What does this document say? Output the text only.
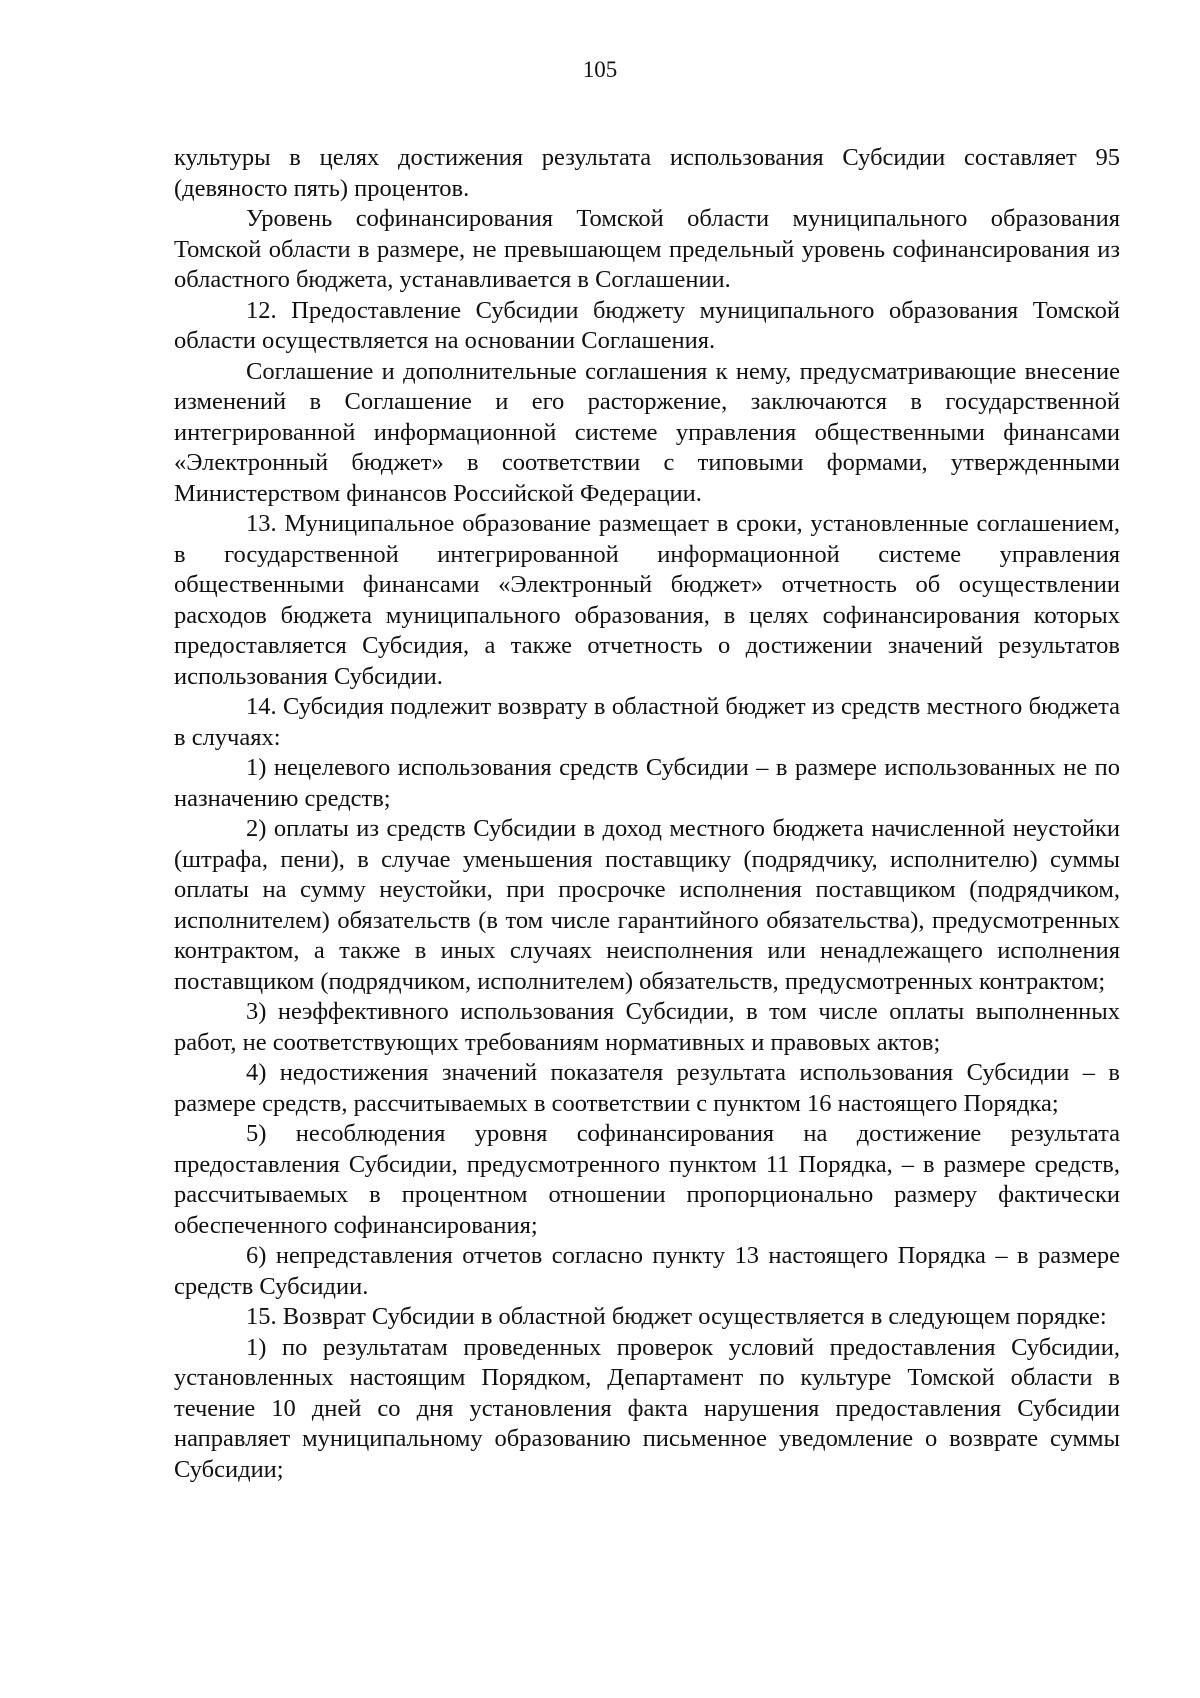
105

культуры в целях достижения результата использования Субсидии составляет 95 (девяносто пять) процентов.

Уровень софинансирования Томской области муниципального образования Томской области в размере, не превышающем предельный уровень софинансирования из областного бюджета, устанавливается в Соглашении.

12. Предоставление Субсидии бюджету муниципального образования Томской области осуществляется на основании Соглашения.

Соглашение и дополнительные соглашения к нему, предусматривающие внесение изменений в Соглашение и его расторжение, заключаются в государственной интегрированной информационной системе управления общественными финансами «Электронный бюджет» в соответствии с типовыми формами, утвержденными Министерством финансов Российской Федерации.

13. Муниципальное образование размещает в сроки, установленные соглашением, в государственной интегрированной информационной системе управления общественными финансами «Электронный бюджет» отчетность об осуществлении расходов бюджета муниципального образования, в целях софинансирования которых предоставляется Субсидия, а также отчетность о достижении значений результатов использования Субсидии.

14. Субсидия подлежит возврату в областной бюджет из средств местного бюджета в случаях:

1) нецелевого использования средств Субсидии – в размере использованных не по назначению средств;

2) оплаты из средств Субсидии в доход местного бюджета начисленной неустойки (штрафа, пени), в случае уменьшения поставщику (подрядчику, исполнителю) суммы оплаты на сумму неустойки, при просрочке исполнения поставщиком (подрядчиком, исполнителем) обязательств (в том числе гарантийного обязательства), предусмотренных контрактом, а также в иных случаях неисполнения или ненадлежащего исполнения поставщиком (подрядчиком, исполнителем) обязательств, предусмотренных контрактом;

3) неэффективного использования Субсидии, в том числе оплаты выполненных работ, не соответствующих требованиям нормативных и правовых актов;

4) недостижения значений показателя результата использования Субсидии – в размере средств, рассчитываемых в соответствии с пунктом 16 настоящего Порядка;

5) несоблюдения уровня софинансирования на достижение результата предоставления Субсидии, предусмотренного пунктом 11 Порядка, – в размере средств, рассчитываемых в процентном отношении пропорционально размеру фактически обеспеченного софинансирования;

6) непредставления отчетов согласно пункту 13 настоящего Порядка – в размере средств Субсидии.

15. Возврат Субсидии в областной бюджет осуществляется в следующем порядке:

1) по результатам проведенных проверок условий предоставления Субсидии, установленных настоящим Порядком, Департамент по культуре Томской области в течение 10 дней со дня установления факта нарушения предоставления Субсидии направляет муниципальному образованию письменное уведомление о возврате суммы Субсидии;
